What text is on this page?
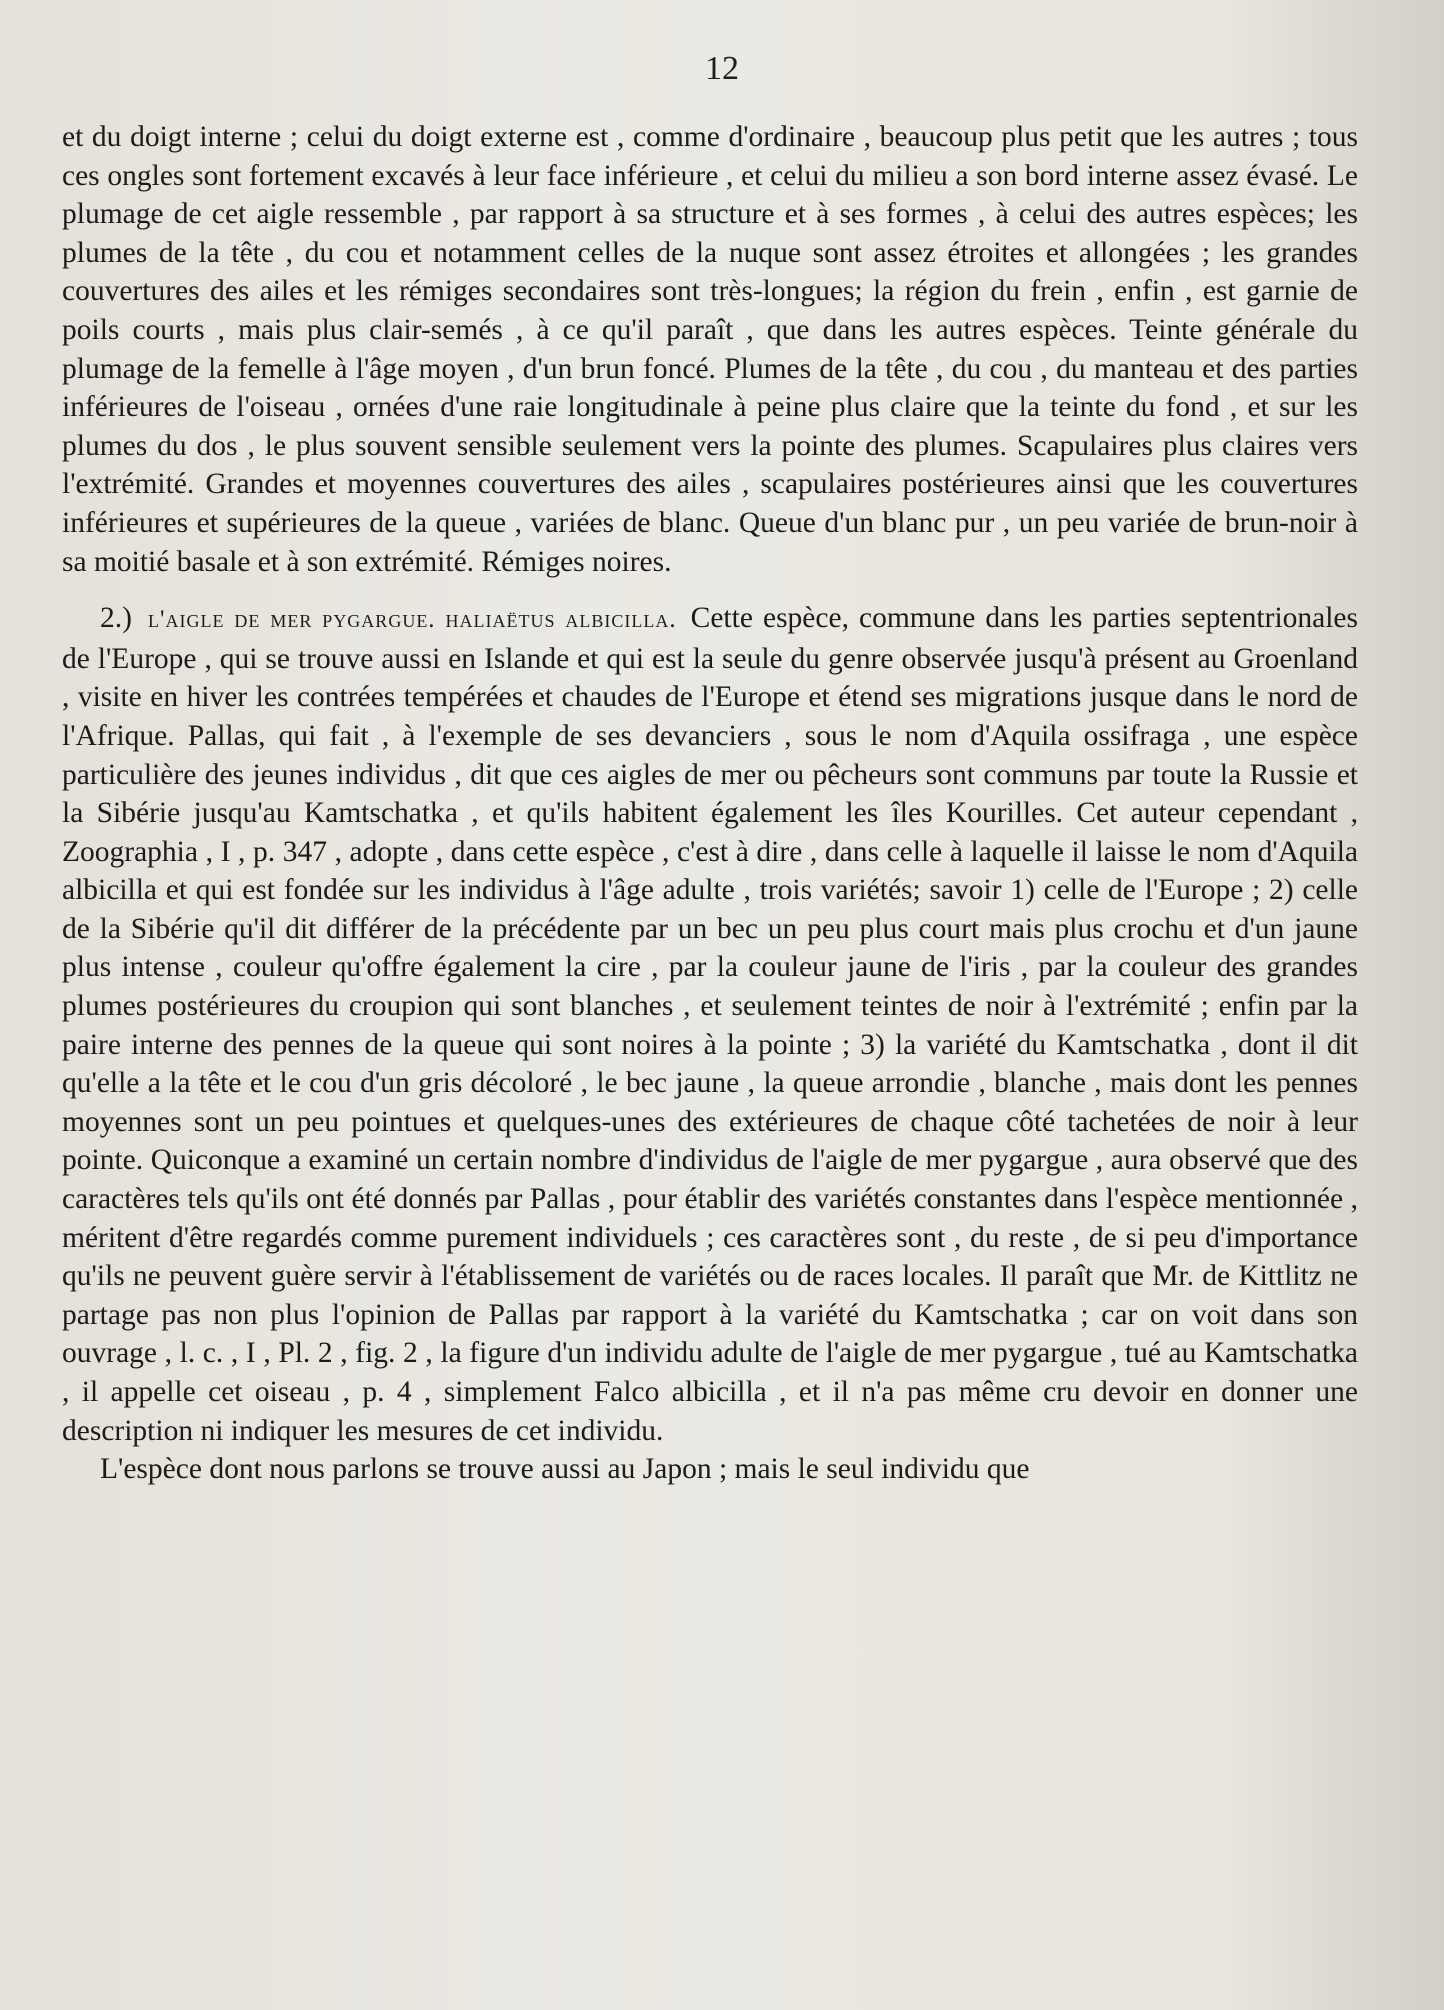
12

et du doigt interne ; celui du doigt externe est , comme d'ordinaire , beaucoup plus petit que les autres ; tous ces ongles sont fortement excavés à leur face inférieure , et celui du milieu a son bord interne assez évasé. Le plumage de cet aigle ressemble , par rapport à sa structure et à ses formes , à celui des autres espèces; les plumes de la tête , du cou et notamment celles de la nuque sont assez étroites et allongées ; les grandes couvertures des ailes et les rémiges secondaires sont très-longues; la région du frein , enfin , est garnie de poils courts , mais plus clair-semés , à ce qu'il paraît , que dans les autres espèces. Teinte générale du plumage de la femelle à l'âge moyen , d'un brun foncé. Plumes de la tête , du cou , du manteau et des parties inférieures de l'oiseau , ornées d'une raie longitudinale à peine plus claire que la teinte du fond , et sur les plumes du dos , le plus souvent sensible seulement vers la pointe des plumes. Scapulaires plus claires vers l'extrémité. Grandes et moyennes couvertures des ailes , scapulaires postérieures ainsi que les couvertures inférieures et supérieures de la queue , variées de blanc. Queue d'un blanc pur , un peu variée de brun-noir à sa moitié basale et à son extrémité. Rémiges noires.

2.) l'aigle de mer pygargue. haliaëtus albicilla. Cette espèce, commune dans les parties septentrionales de l'Europe , qui se trouve aussi en Islande et qui est la seule du genre observée jusqu'à présent au Groenland , visite en hiver les contrées tempérées et chaudes de l'Europe et étend ses migrations jusque dans le nord de l'Afrique. Pallas, qui fait , à l'exemple de ses devanciers , sous le nom d'Aquila ossifraga , une espèce particulière des jeunes individus , dit que ces aigles de mer ou pêcheurs sont communs par toute la Russie et la Sibérie jusqu'au Kamtschatka , et qu'ils habitent également les îles Kourilles. Cet auteur cependant , Zoographia , I , p. 347 , adopte , dans cette espèce , c'est à dire , dans celle à laquelle il laisse le nom d'Aquila albicilla et qui est fondée sur les individus à l'âge adulte , trois variétés; savoir 1) celle de l'Europe ; 2) celle de la Sibérie qu'il dit différer de la précédente par un bec un peu plus court mais plus crochu et d'un jaune plus intense , couleur qu'offre également la cire , par la couleur jaune de l'iris , par la couleur des grandes plumes postérieures du croupion qui sont blanches , et seulement teintes de noir à l'extrémité ; enfin par la paire interne des pennes de la queue qui sont noires à la pointe ; 3) la variété du Kamtschatka , dont il dit qu'elle a la tête et le cou d'un gris décoloré , le bec jaune , la queue arrondie , blanche , mais dont les pennes moyennes sont un peu pointues et quelques-unes des extérieures de chaque côté tachetées de noir à leur pointe. Quiconque a examiné un certain nombre d'individus de l'aigle de mer pygargue , aura observé que des caractères tels qu'ils ont été donnés par Pallas , pour établir des variétés constantes dans l'espèce mentionnée , méritent d'être regardés comme purement individuels ; ces caractères sont , du reste , de si peu d'importance qu'ils ne peuvent guère servir à l'établissement de variétés ou de races locales. Il paraît que Mr. de Kittlitz ne partage pas non plus l'opinion de Pallas par rapport à la variété du Kamtschatka ; car on voit dans son ouvrage , l. c. , I , Pl. 2 , fig. 2 , la figure d'un individu adulte de l'aigle de mer pygargue , tué au Kamtschatka , il appelle cet oiseau , p. 4 , simplement Falco albicilla , et il n'a pas même cru devoir en donner une description ni indiquer les mesures de cet individu.

L'espèce dont nous parlons se trouve aussi au Japon ; mais le seul individu que
